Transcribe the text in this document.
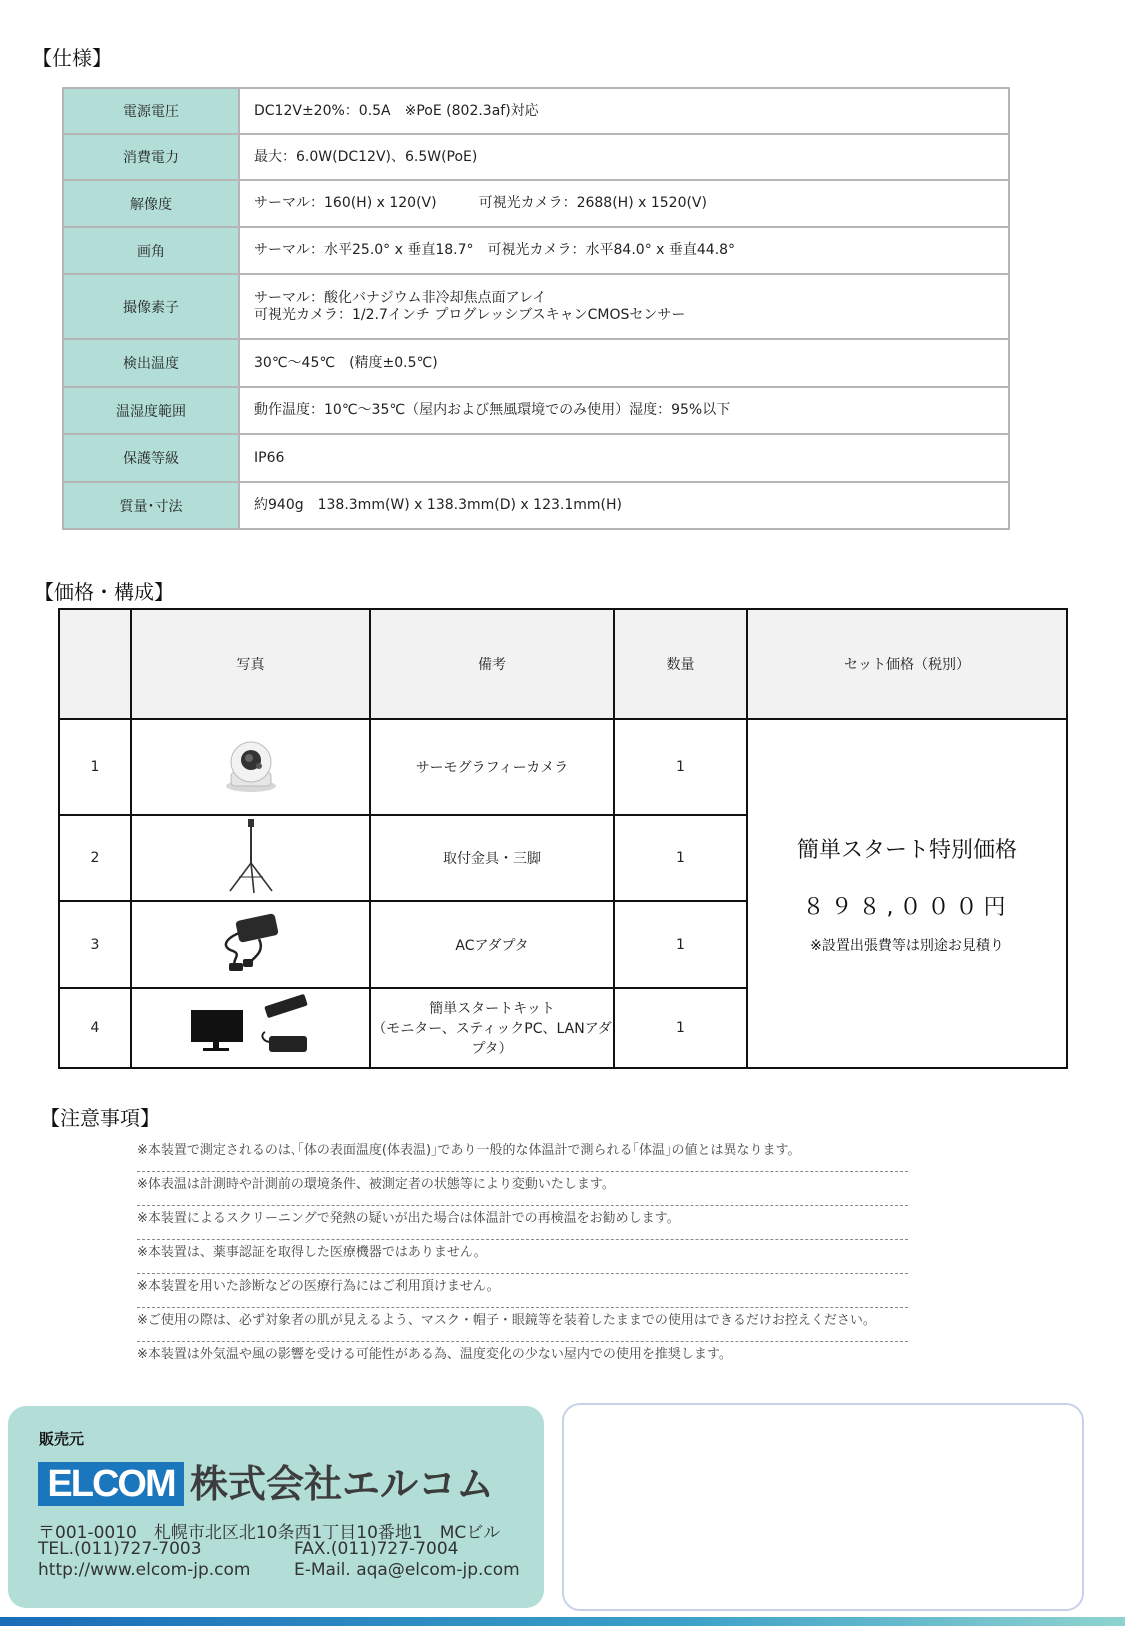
【仕様】
電源電圧	DC12V±20%：0.5A　※PoE (802.3af)対応
消費電力	最大：6.0W(DC12V)、6.5W(PoE)
解像度	サーマル：160(H) x 120(V)　　　可視光カメラ：2688(H) x 1520(V)
画角	サーマル：水平25.0° x 垂直18.7°　可視光カメラ：水平84.0° x 垂直44.8°
撮像素子	サーマル：酸化バナジウム非冷却焦点面アレイ
可視光カメラ：1/2.7インチ プログレッシブスキャンCMOSセンサー

検出温度	30℃～45℃　(精度±0.5℃)
温湿度範囲	動作温度：10℃～35℃（屋内および無風環境でのみ使用）湿度：95%以下
保護等級	IP66
質量･寸法	約940g　138.3mm(W) x 138.3mm(D) x 123.1mm(H)
【価格・構成】
	写真	備考	数量	セット価格（税別）
1		サーモグラフィーカメラ	1	簡単スタート特別価格
８９８,０００円
※設置出張費等は別途お見積り

2		取付金具・三脚	1	
3		ACアダプタ	1	
4		簡単スタートキット
（モニター、スティックPC、LANアダプタ）	1	
【注意事項】
※本装置で測定されるのは､｢体の表面温度(体表温)｣であり一般的な体温計で測られる｢体温｣の値とは異なります。
※体表温は計測時や計測前の環境条件、被測定者の状態等により変動いたします。
※本装置によるスクリーニングで発熱の疑いが出た場合は体温計での再検温をお勧めします。
※本装置は、薬事認証を取得した医療機器ではありません。
※本装置を用いた診断などの医療行為にはご利用頂けません。
※ご使用の際は、必ず対象者の肌が見えるよう、マスク・帽子・眼鏡等を装着したままでの使用はできるだけお控えください。
※本装置は外気温や風の影響を受ける可能性がある為、温度変化の少ない屋内での使用を推奨します。
販売元
ELCOM 株式会社エルコム
〒001-0010　札幌市北区北10条西1丁目10番地1　MCビル
TEL.(011)727-7003	FAX.(011)727-7004
http://www.elcom-jp.com	E-Mail. aqa@elcom-jp.com
